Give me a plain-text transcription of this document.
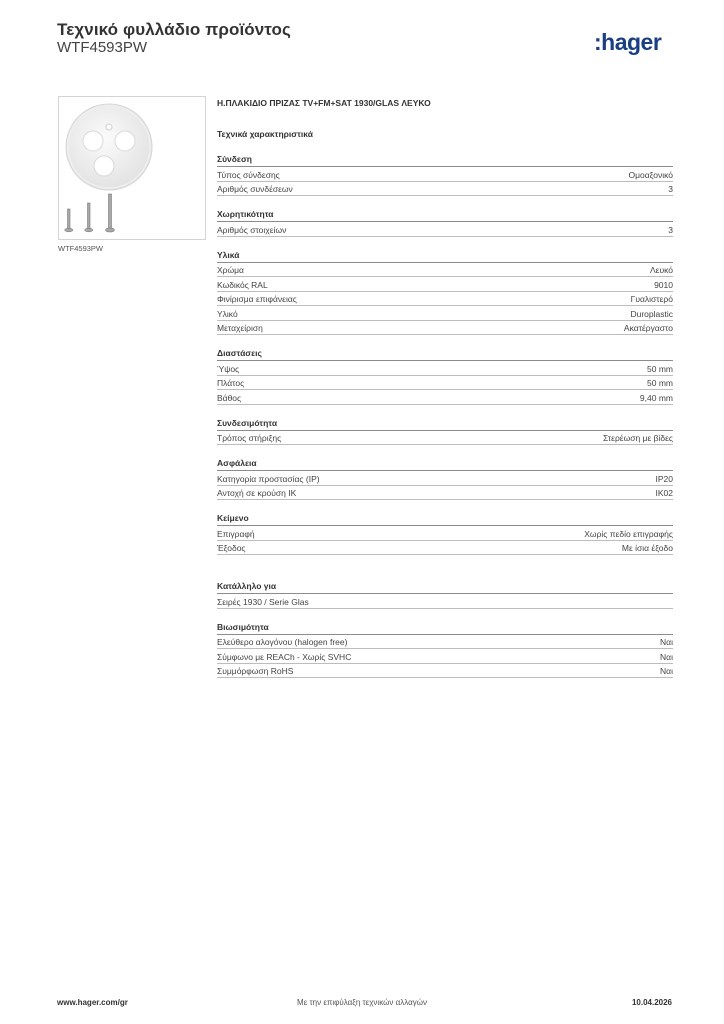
Τεχνικό φυλλάδιο προϊόντος
WTF4593PW	:hager
WTF4593PW
Η.ΠΛΑΚΙΔΙΟ ΠΡΙΖΑΣ TV+FM+SAT 1930/GLAS ΛΕΥΚΟ
Τεχνικά χαρακτηριστικά
Σύνδεση
Τύπος σύνδεσης	Ομοαξονικό
Αριθμός συνδέσεων	3
Χωρητικότητα
Αριθμός στοιχείων	3
Υλικά
Χρώμα	Λευκό
Κωδικός RAL	9010
Φινίρισμα επιφάνειας	Γυαλιστερό
Υλικό	Duroplastic
Μεταχείριση	Ακατέργαστο
Διαστάσεις
Ύψος	50 mm
Πλάτος	50 mm
Βάθος	9,40 mm
Συνδεσιμότητα
Τρόπος στήριξης	Στερέωση με βίδες
Ασφάλεια
Κατηγορία προστασίας (IP)	IP20
Αντοχή σε κρούση IK	IK02
Κείμενο
Επιγραφή	Χωρίς πεδίο επιγραφής
Έξοδος	Με ίσια έξοδο
Κατάλληλο για
Σειρές 1930 / Serie Glas
Βιωσιμότητα
Ελεύθερο αλογόνου (halogen free)	Ναι
Σύμφωνο με REACh - Χωρίς SVHC	Ναι
Συμμόρφωση RoHS	Ναι
Με την επιφύλαξη τεχνικών αλλαγών
www.hager.com/gr	10.04.2026
